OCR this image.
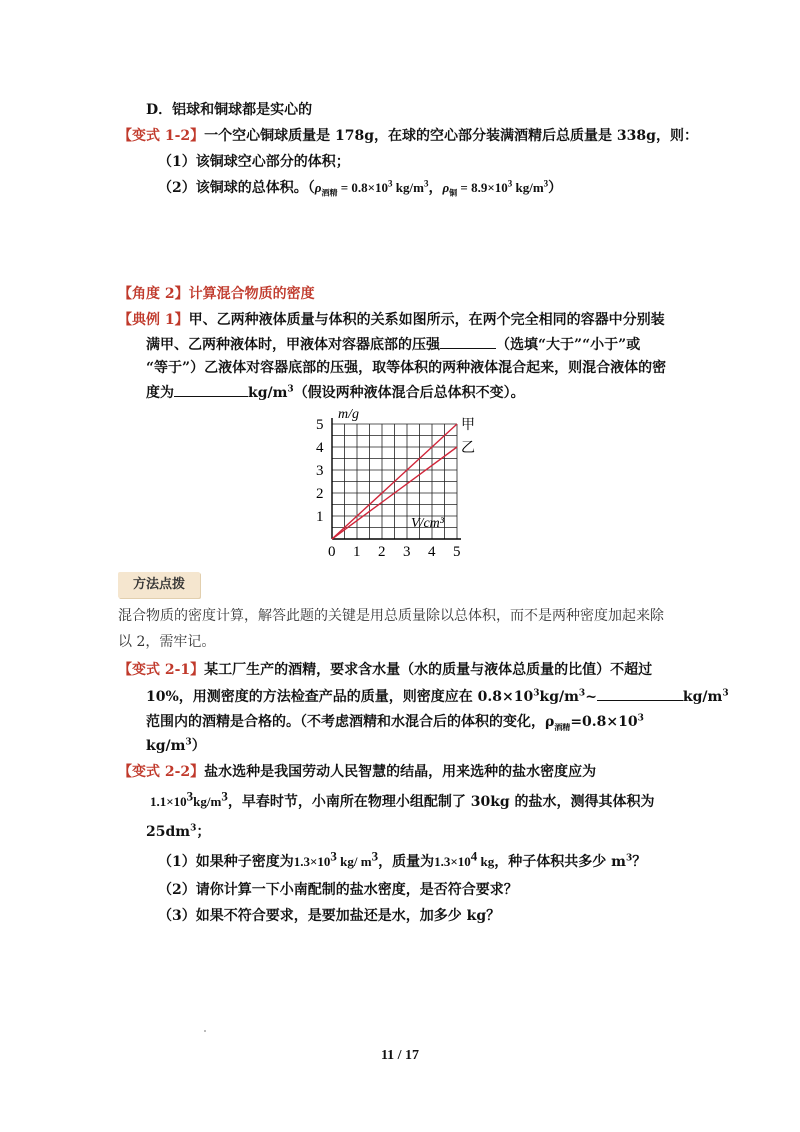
D．铝球和铜球都是实心的
【变式 1-2】一个空心铜球质量是 178g，在球的空心部分装满酒精后总质量是 338g，则：
（1）该铜球空心部分的体积；
（2）该铜球的总体积。（$\rho_{酒精} = 0.8\times 10^3$ $kg/m^3$，$\rho_铜 = 8.9\times 10^3$ $kg/m^3$）
【角度 2】计算混合物质的密度
【典例 1】甲、乙两种液体质量与体积的关系如图所示，在两个完全相同的容器中分别装
满甲、乙两种液体时，甲液体对容器底部的压强	（选填“大于”“小于”或
“等于”）乙液体对容器底部的压强，取等体积的两种液体混合起来，则混合液体的密
度为	$kg/m^3$（假设两种液体混合后总体积不变）。
m/g
V/cm³
0 1 2 3 4 5
1
2
3
4
5	甲
乙
方法点拨
混合物质的密度计算，解答此题的关键是用总质量除以总体积，而不是两种密度加起来除
以 2，需牢记。
【变式 2-1】某工厂生产的酒精，要求含水量（水的质量与液体总质量的比值）不超过
10%，用测密度的方法检查产品的质量，则密度应在 $0.8\times 10^3kg/m^3\sim$	$kg/m^3$
范围内的酒精是合格的。（不考虑酒精和水混合后的体积的变化，$\rho_{酒精}=0.8\times 10^3$
$kg/m^3$）
【变式 2-2】盐水选种是我国劳动人民智慧的结晶，用来选种的盐水密度应为
$1.1\times 10^3kg/m^3$，早春时节，小南所在物理小组配制了 30kg 的盐水，测得其体积为
$25dm^3$；
（1）如果种子密度为$1.3\times 10^3$ kg/ $m^3$，质量为$1.3\times 10^4$ kg，种子体积共多少 $m^3$？
（2）请你计算一下小南配制的盐水密度，是否符合要求？
（3）如果不符合要求，是要加盐还是水，加多少 kg？
11 / 17
